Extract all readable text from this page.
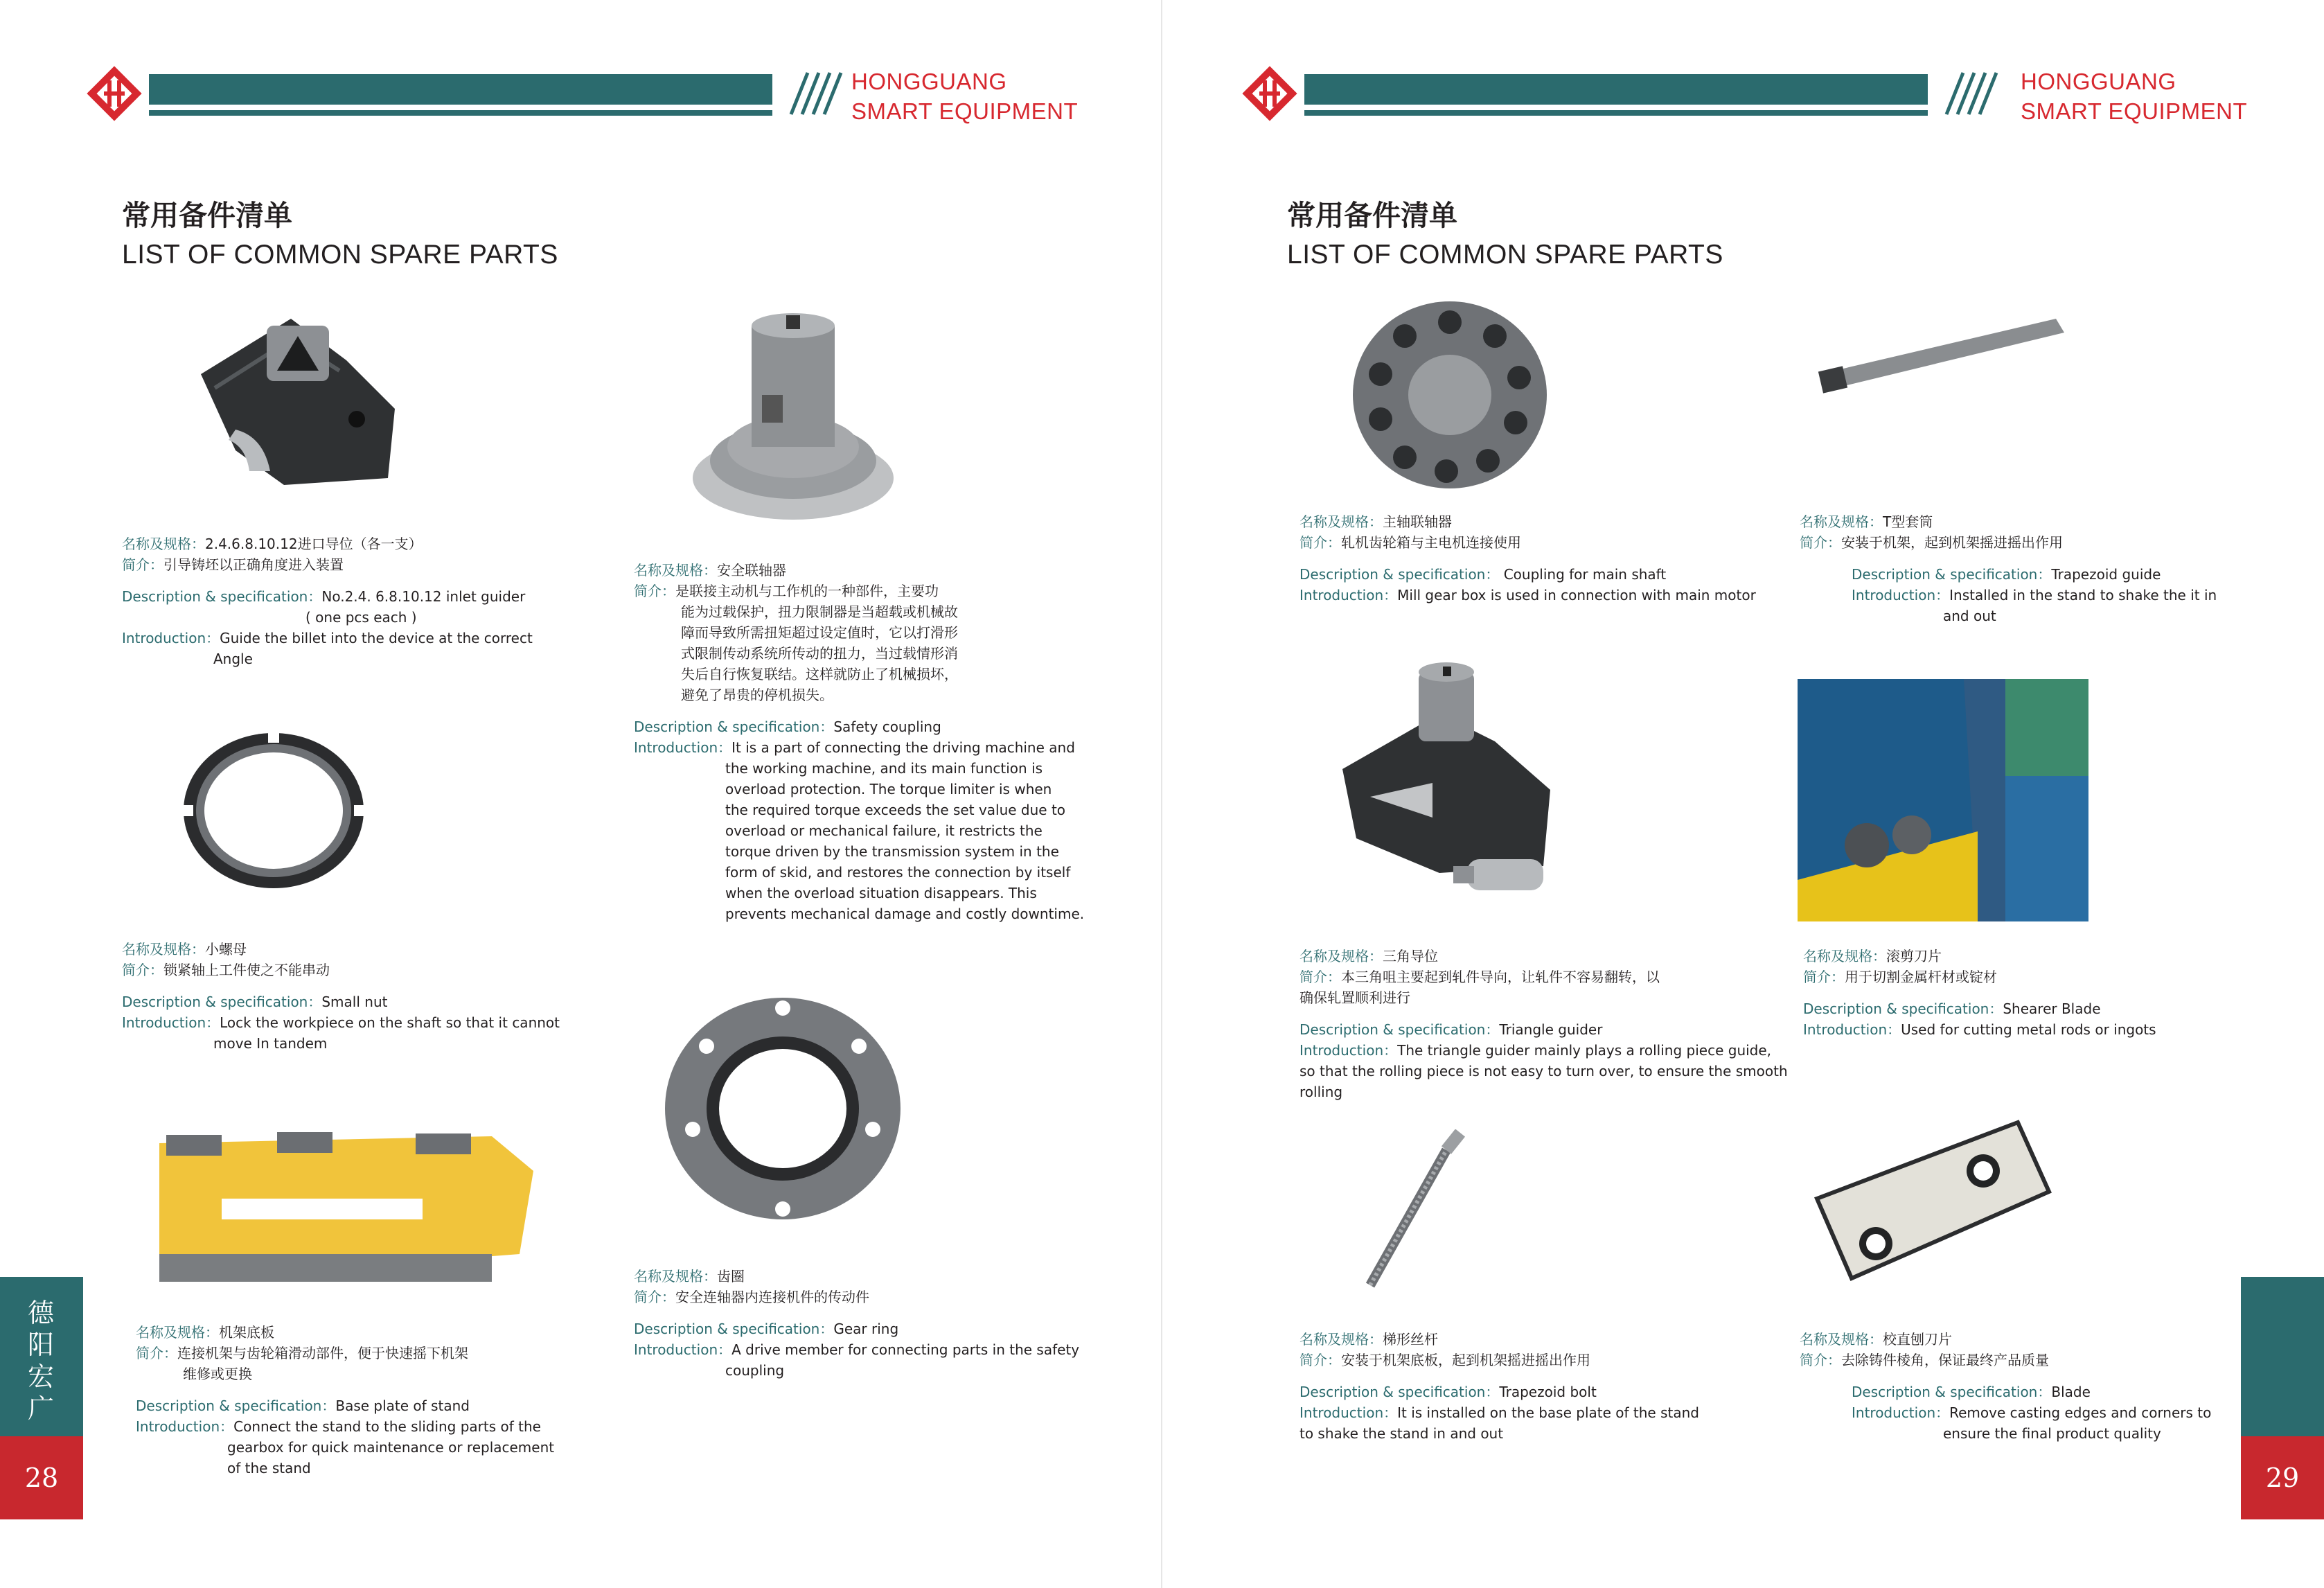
HONGGUANG
SMART EQUIPMENT
常用备件清单
LIST OF COMMON SPARE PARTS
名称及规格：2.4.6.8.10.12进口导位（各一支）
简介：引导铸坯以正确角度进入装置
Description & specification：No.2.4. 6.8.10.12 inlet guider
( one pcs each )
Introduction：Guide the billet into the device at the correct
Angle
名称及规格：安全联轴器
简介：是联接主动机与工作机的一种部件，主要功
能为过载保护，扭力限制器是当超载或机械故
障而导致所需扭矩超过设定值时，它以打滑形
式限制传动系统所传动的扭力，当过载情形消
失后自行恢复联结。这样就防止了机械损坏，
避免了昂贵的停机损失。
Description & specification：Safety coupling
Introduction：It is a part of connecting the driving machine and
the working machine, and its main function is
overload protection. The torque limiter is when
the required torque exceeds the set value due to
overload or mechanical failure, it restricts the
torque driven by the transmission system in the
form of skid, and restores the connection by itself
when the overload situation disappears. This
prevents mechanical damage and costly downtime.
名称及规格：小螺母
简介：锁紧轴上工件使之不能串动
Description & specification：Small nut
Introduction：Lock the workpiece on the shaft so that it cannot
move In tandem
名称及规格：齿圈
简介：安全连轴器内连接机件的传动件
Description & specification：Gear ring
Introduction：A drive member for connecting parts in the safety
coupling
名称及规格：机架底板
简介：连接机架与齿轮箱滑动部件，便于快速摇下机架
维修或更换
Description & specification：Base plate of stand
Introduction：Connect the stand to the sliding parts of the
gearbox for quick maintenance or replacement
of the stand
德阳宏广
28
HONGGUANG
SMART EQUIPMENT
常用备件清单
LIST OF COMMON SPARE PARTS
名称及规格：主轴联轴器
简介：轧机齿轮箱与主电机连接使用
Description & specification： Coupling for main shaft
Introduction：Mill gear box is used in connection with main motor
名称及规格：T型套筒
简介：安装于机架，起到机架摇进摇出作用
Description & specification：Trapezoid guide
Introduction：Installed in the stand to shake the it in
and out
名称及规格：三角导位
简介：本三角咀主要起到轧件导向，让轧件不容易翻转，以
确保轧置顺利进行
Description & specification：Triangle guider
Introduction：The triangle guider mainly plays a rolling piece guide,
so that the rolling piece is not easy to turn over, to ensure the smooth
rolling
名称及规格：滚剪刀片
简介：用于切割金属杆材或锭材
Description & specification：Shearer Blade
Introduction：Used for cutting metal rods or ingots
名称及规格：梯形丝杆
简介：安装于机架底板，起到机架摇进摇出作用
Description & specification：Trapezoid bolt
Introduction：It is installed on the base plate of the stand
to shake the stand in and out
名称及规格：校直刨刀片
简介：去除铸件棱角，保证最终产品质量
Description & specification：Blade
Introduction：Remove casting edges and corners to
ensure the final product quality
29
